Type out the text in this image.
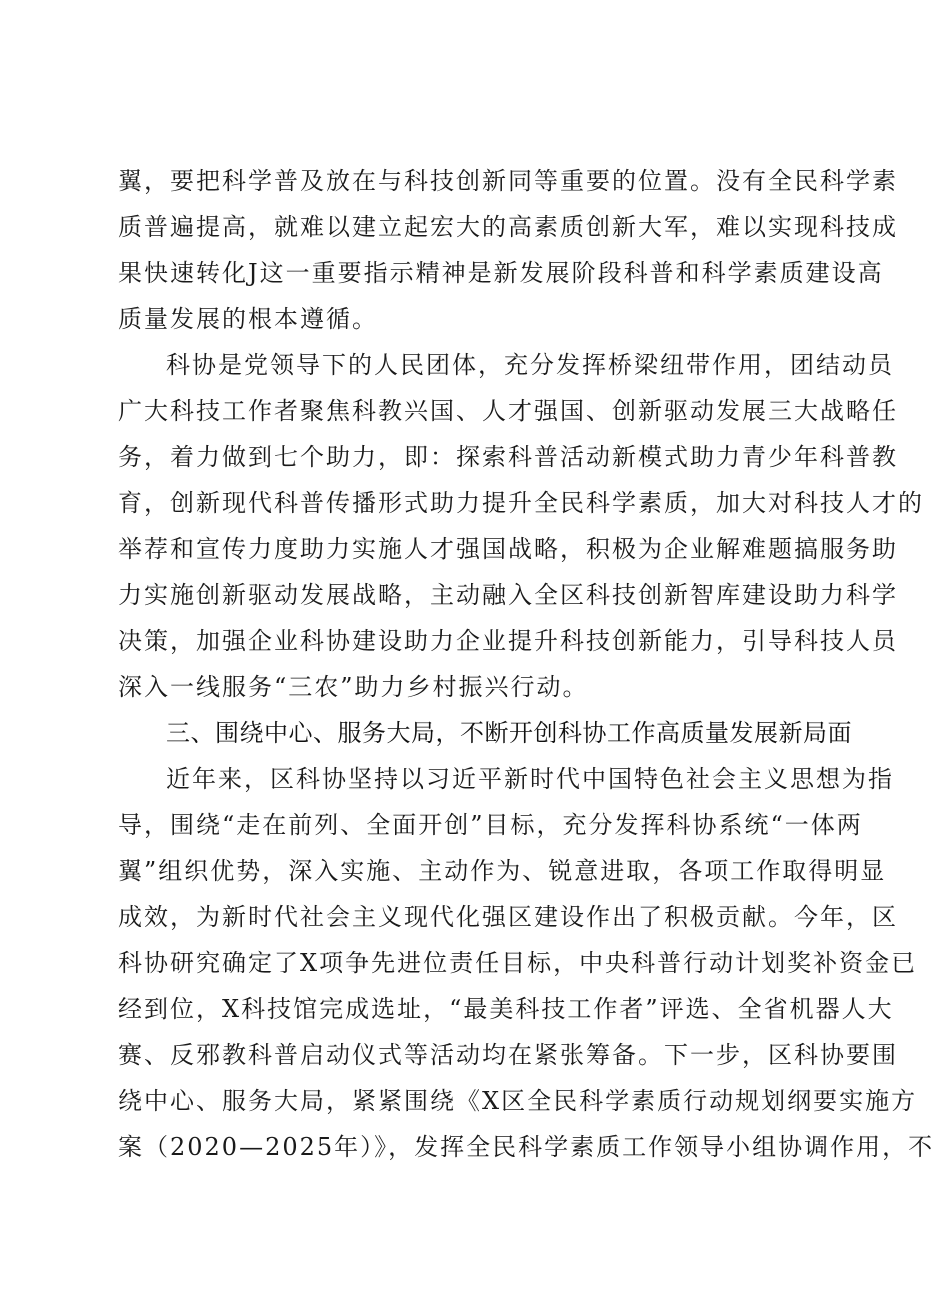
翼，要把科学普及放在与科技创新同等重要的位置。没有全民科学素
质普遍提高，就难以建立起宏大的高素质创新大军，难以实现科技成
果快速转化J这一重要指示精神是新发展阶段科普和科学素质建设高
质量发展的根本遵循。
科协是党领导下的人民团体，充分发挥桥梁纽带作用，团结动员
广大科技工作者聚焦科教兴国、人才强国、创新驱动发展三大战略任
务，着力做到七个助力，即：探索科普活动新模式助力青少年科普教
育，创新现代科普传播形式助力提升全民科学素质，加大对科技人才的
举荐和宣传力度助力实施人才强国战略，积极为企业解难题搞服务助
力实施创新驱动发展战略，主动融入全区科技创新智库建设助力科学
决策，加强企业科协建设助力企业提升科技创新能力，引导科技人员
深入一线服务“三农”助力乡村振兴行动。
三、围绕中心、服务大局，不断开创科协工作高质量发展新局面
近年来，区科协坚持以习近平新时代中国特色社会主义思想为指
导，围绕“走在前列、全面开创”目标，充分发挥科协系统“一体两
翼”组织优势，深入实施、主动作为、锐意进取，各项工作取得明显
成效，为新时代社会主义现代化强区建设作出了积极贡献。今年，区
科协研究确定了X项争先进位责任目标，中央科普行动计划奖补资金已
经到位，X科技馆完成选址，“最美科技工作者”评选、全省机器人大
赛、反邪教科普启动仪式等活动均在紧张筹备。下一步，区科协要围
绕中心、服务大局，紧紧围绕《X区全民科学素质行动规划纲要实施方
案（2020—2025年）》，发挥全民科学素质工作领导小组协调作用，不
